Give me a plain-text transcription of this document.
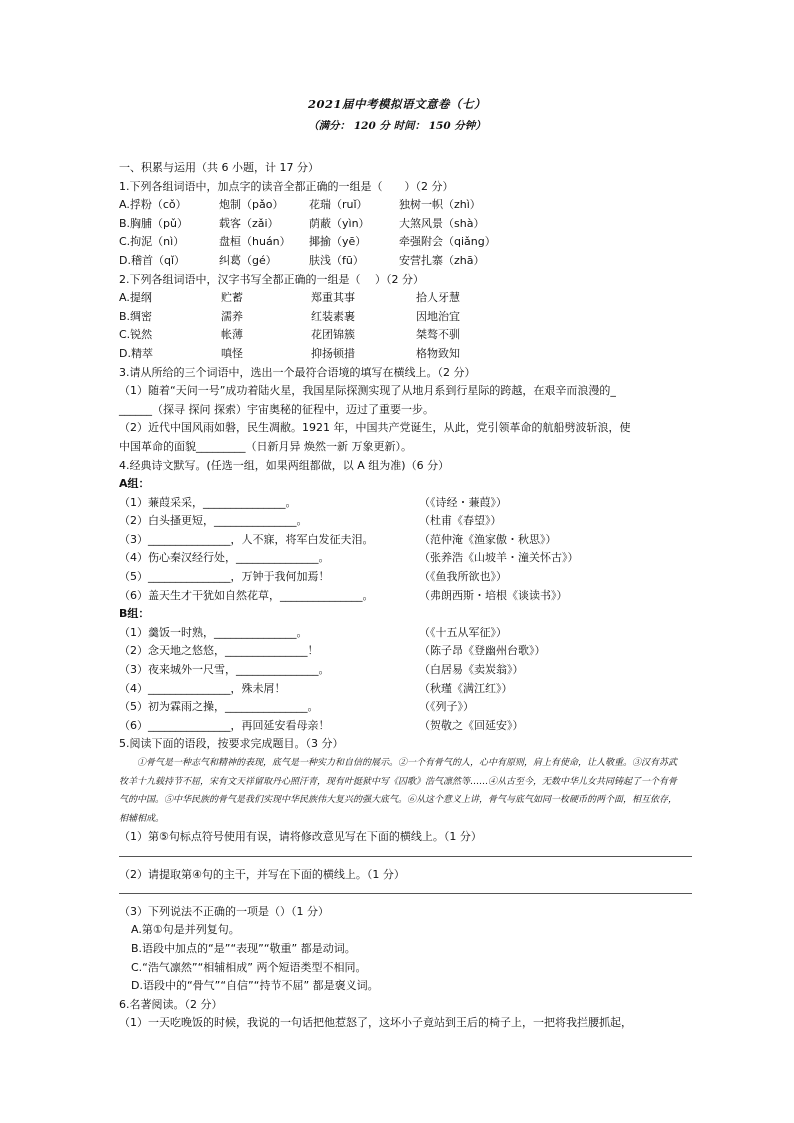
2021届中考模拟语文意卷（七）
（满分： 120 分 时间： 150 分钟）
一、积累与运用（共 6 小题，计 17 分）
1.下列各组词语中，加点字的读音全都正确的一组是（　　）（2 分）
A.捊粉（cǒ）	炮制（pǎo）	花瑞（ruǐ）	独树一帜（zhì）
B.胸脯（pǔ）	载客（zǎi）	荫蔽（yìn）	大煞风景（shà）
C.拘泥（nì）	盘桓（huán）	揶揄（yē）	牵强附会（qiǎng）
D.稽首（qǐ）	纠葛（gé）	肤浅（fū）	安营扎寨（zhā）
2.下列各组词语中，汉字书写全都正确的一组是（　 ）（2 分）
A.提纲	贮蓄	郑重其事	拾人牙慧
B.绸密	濡养	红装素裹	因地治宜
C.锐然	帐薄	花团锦簇	桀骜不驯
D.精萃	嗔怪	抑扬顿措	格物致知
3.请从所给的三个词语中，选出一个最符合语境的填写在横线上。（2 分）
（1）随着“天问一号”成功着陆火星，我国星际探测实现了从地月系到行星际的跨越，在艰辛而浪漫的_
______（探寻 探问 探索）宇宙奥秘的征程中，迈过了重要一步。
（2）近代中国风雨如磐，民生凋敝。1921 年，中国共产党诞生，从此，党引领革命的航船劈波斩浪，使
中国革命的面貌_________（日新月异 焕然一新 万象更新）。
4.经典诗文默写。(任选一组，如果两组都做，以 A 组为准)（6 分）
A组：
（1）蒹葭采采，_______________。	（《诗经・蒹葭》）
（2）白头搔更短，_______________。	（杜甫《春望》）
（3）_______________，人不寐，将军白发征夫泪。	（范仲淹《渔家傲・秋思》）
（4）伤心秦汉经行处，_______________。	（张养浩《山坡羊・潼关怀古》）
（5）_______________，万钟于我何加焉！	（《鱼我所欲也》）
（6）盖天生才干犹如自然花草，_______________。	（弗朗西斯・培根《谈读书》）
B组：
（1）羹饭一时熟，_______________。	（《十五从军征》）
（2）念天地之悠悠，_______________！	（陈子昂《登幽州台歌》）
（3）夜来城外一尺雪，_______________。	（白居易《卖炭翁》）
（4）_______________，殊未屑！	（秋瑾《满江红》）
（5）初为霖雨之操，_______________。	（《列子》）
（6）_______________，再回延安看母亲！	（贺敬之《回延安》）
5.阅读下面的语段，按要求完成题目。（3 分）
①骨气是一种志气和精神的表现，底气是一种实力和自信的展示。②一个有骨气的人，心中有原则，肩上有使命，让人敬重。③汉有苏武牧羊十九载持节不屈，宋有文天祥留取丹心照汗青，现有叶挺狱中写《囚歌》浩气凛然等……④从古至今，无数中华儿女共同铸起了一个有骨气的中国。⑤中华民族的骨气是我们实现中华民族伟大复兴的强大底气。⑥从这个意义上讲，骨气与底气如同一枚硬币的两个面，相互依存，相辅相成。
（1）第⑤句标点符号使用有误，请将修改意见写在下面的横线上。（1 分）
（2）请提取第④句的主干，并写在下面的横线上。（1 分）
（3）下列说法不正确的一项是（）（1 分）
A.第①句是并列复句。
B.语段中加点的“是”“表现”“敬重” 都是动词。
C.“浩气凛然”“相辅相成” 两个短语类型不相同。
D.语段中的“骨气”“自信”“持节不屈” 都是褒义词。
6.名著阅读。（2 分）
（1）一天吃晚饭的时候，我说的一句话把他惹怒了，这坏小子竟站到王后的椅子上，一把将我拦腰抓起，
